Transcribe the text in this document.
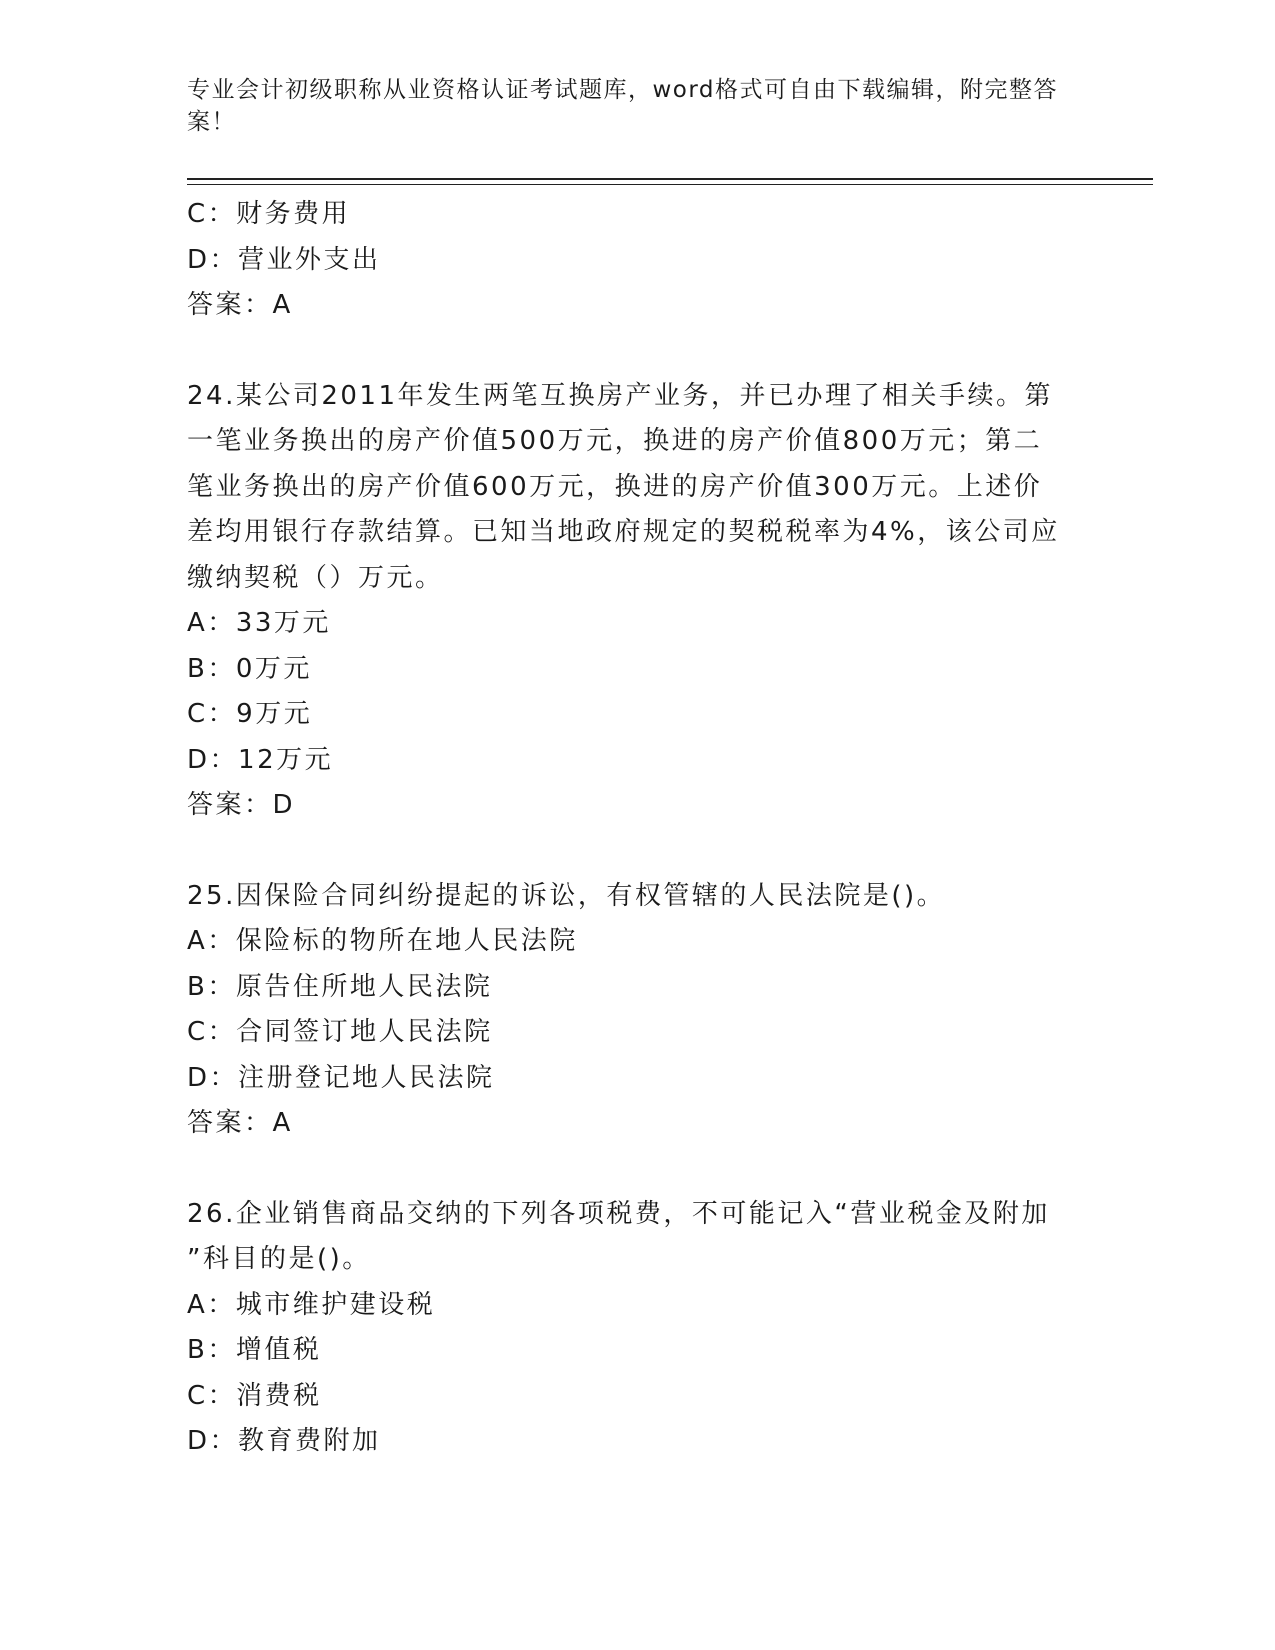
专业会计初级职称从业资格认证考试题库，word格式可自由下载编辑，附完整答案！
C：财务费用
D：营业外支出
答案：A
24.某公司2011年发生两笔互换房产业务，并已办理了相关手续。第
一笔业务换出的房产价值500万元，换进的房产价值800万元；第二
笔业务换出的房产价值600万元，换进的房产价值300万元。上述价
差均用银行存款结算。已知当地政府规定的契税税率为4%，该公司应
缴纳契税（）万元。
A：33万元
B：0万元
C：9万元
D：12万元
答案：D
25.因保险合同纠纷提起的诉讼，有权管辖的人民法院是()。
A：保险标的物所在地人民法院
B：原告住所地人民法院
C：合同签订地人民法院
D：注册登记地人民法院
答案：A
26.企业销售商品交纳的下列各项税费，不可能记入“营业税金及附加
”科目的是()。
A：城市维护建设税
B：增值税
C：消费税
D：教育费附加
